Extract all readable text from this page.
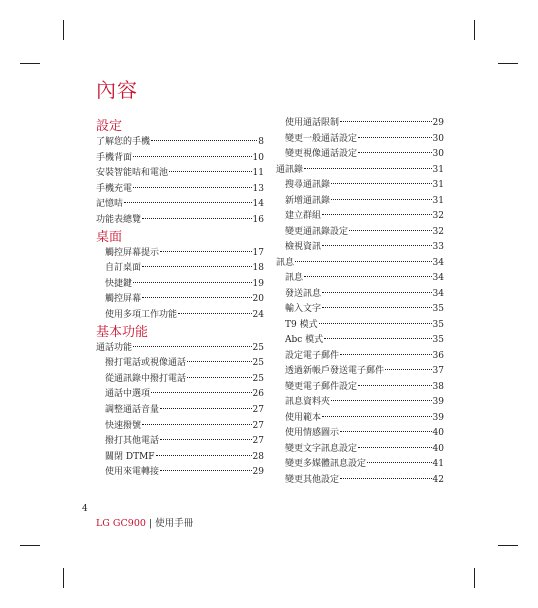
內容
設定
了解您的手機	8
手機背面	10
安裝智能咭和電池	11
手機充電	13
記憶咭	14
功能表總覽	16
桌面
觸控屏幕提示	17
自訂桌面	18
快捷鍵	19
觸控屏幕	20
使用多項工作功能	24
基本功能
通話功能	25
撥打電話或視像通話	25
從通訊錄中撥打電話	25
通話中選項	26
調整通話音量	27
快速撥號	27
撥打其他電話	27
關閉 DTMF	28
使用來電轉接	29
使用通話限制	29
變更一般通話設定	30
變更視像通話設定	30
通訊錄	31
搜尋通訊錄	31
新增通訊錄	31
建立群組	32
變更通訊錄設定	32
檢視資訊	33
訊息	34
訊息	34
發送訊息	34
輸入文字	35
T9 模式	35
Abc 模式	35
設定電子郵件	36
透過新帳戶發送電子郵件	37
變更電子郵件設定	38
訊息資料夾	39
使用範本	39
使用情感圖示	40
變更文字訊息設定	40
變更多媒體訊息設定	41
變更其他設定	42
4
LG GC900 | 使用手冊
